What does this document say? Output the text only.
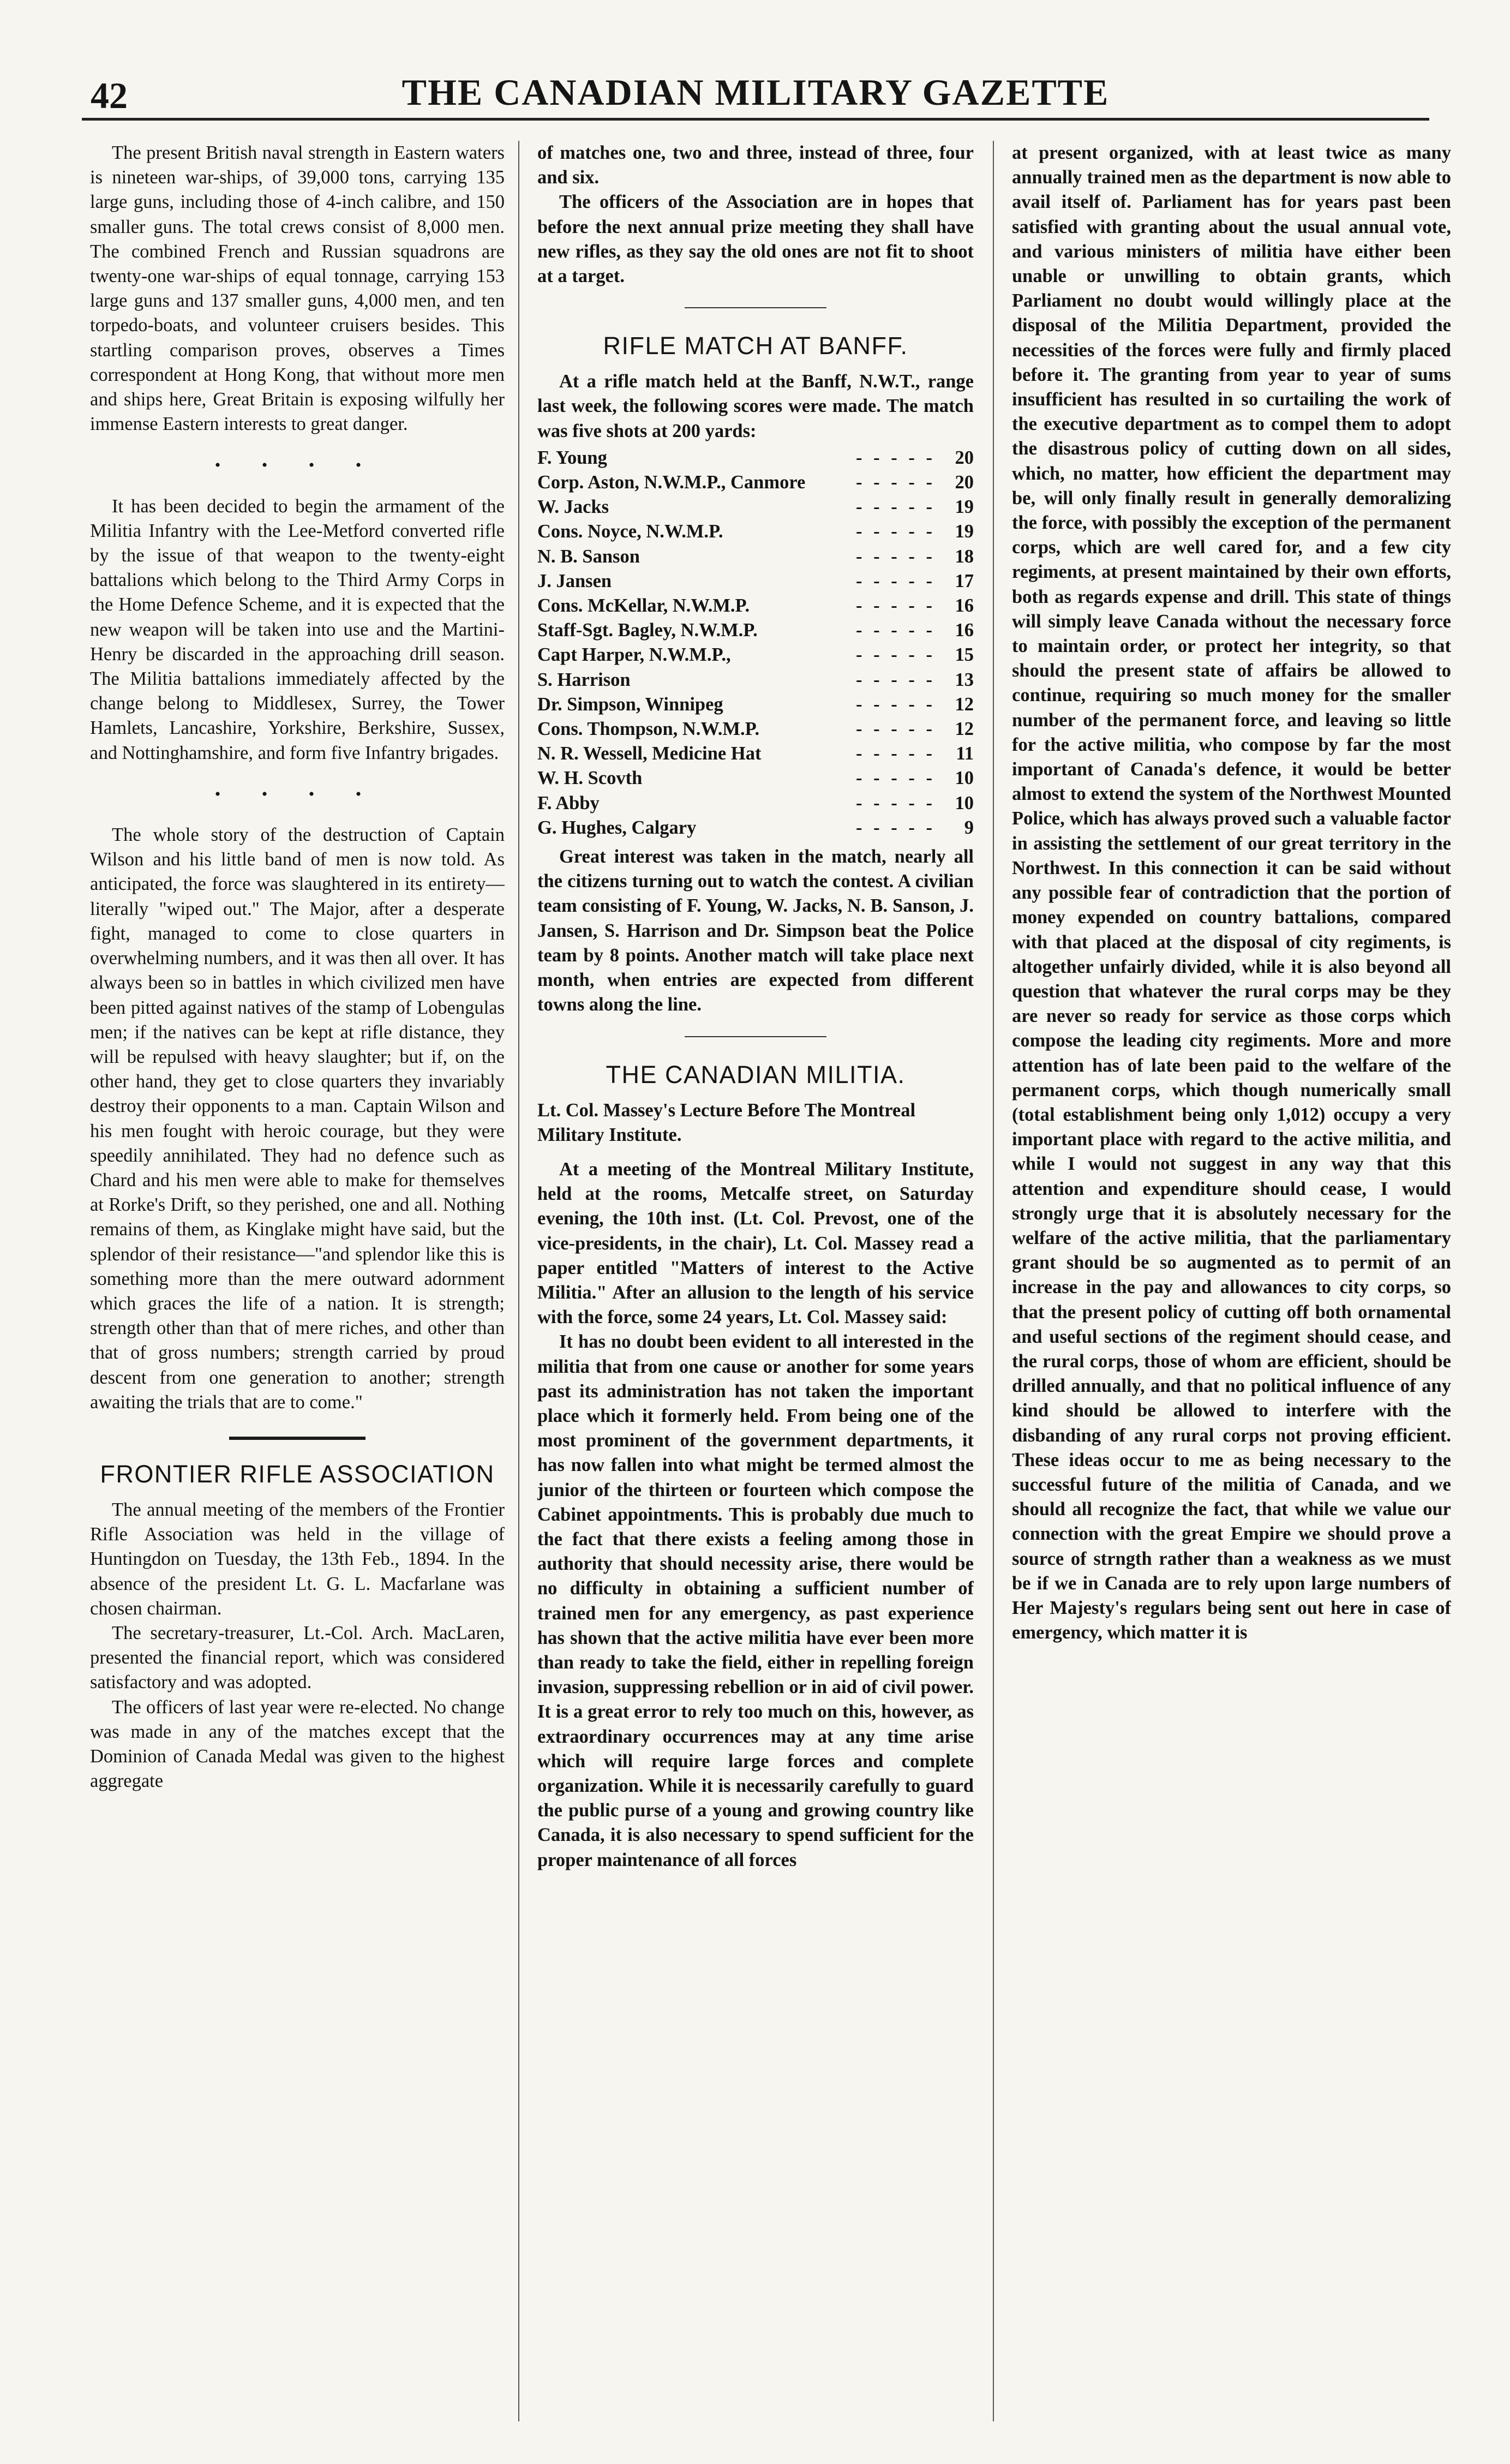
42	THE CANADIAN MILITARY GAZETTE

The present British naval strength in Eastern waters is nineteen war-ships, of 39,000 tons, carrying 135 large guns, including those of 4-inch calibre, and 150 smaller guns. The total crews consist of 8,000 men. The combined French and Russian squadrons are twenty-one war-ships of equal tonnage, carrying 153 large guns and 137 smaller guns, 4,000 men, and ten torpedo-boats, and volunteer cruisers besides. This startling comparison proves, observes a Times correspondent at Hong Kong, that without more men and ships here, Great Britain is exposing wilfully her immense Eastern interests to great danger.

• • • •

It has been decided to begin the armament of the Militia Infantry with the Lee-Metford converted rifle by the issue of that weapon to the twenty-eight battalions which belong to the Third Army Corps in the Home Defence Scheme, and it is expected that the new weapon will be taken into use and the Martini-Henry be discarded in the approaching drill season. The Militia battalions immediately affected by the change belong to Middlesex, Surrey, the Tower Hamlets, Lancashire, Yorkshire, Berkshire, Sussex, and Nottinghamshire, and form five Infantry brigades.

• • • •

The whole story of the destruction of Captain Wilson and his little band of men is now told. As anticipated, the force was slaughtered in its entirety—literally "wiped out." The Major, after a desperate fight, managed to come to close quarters in overwhelming numbers, and it was then all over. It has always been so in battles in which civilized men have been pitted against natives of the stamp of Lobengulas men; if the natives can be kept at rifle distance, they will be repulsed with heavy slaughter; but if, on the other hand, they get to close quarters they invariably destroy their opponents to a man. Captain Wilson and his men fought with heroic courage, but they were speedily annihilated. They had no defence such as Chard and his men were able to make for themselves at Rorke's Drift, so they perished, one and all. Nothing remains of them, as Kinglake might have said, but the splendor of their resistance—"and splendor like this is something more than the mere outward adornment which graces the life of a nation. It is strength; strength other than that of mere riches, and other than that of gross numbers; strength carried by proud descent from one generation to another; strength awaiting the trials that are to come."

FRONTIER RIFLE ASSOCIATION

The annual meeting of the members of the Frontier Rifle Association was held in the village of Huntingdon on Tuesday, the 13th Feb., 1894. In the absence of the president Lt. G. L. Macfarlane was chosen chairman.

The secretary-treasurer, Lt.-Col. Arch. MacLaren, presented the financial report, which was considered satisfactory and was adopted.

The officers of last year were re-elected. No change was made in any of the matches except that the Dominion of Canada Medal was given to the highest aggregate

of matches one, two and three, instead of three, four and six.

The officers of the Association are in hopes that before the next annual prize meeting they shall have new rifles, as they say the old ones are not fit to shoot at a target.

RIFLE MATCH AT BANFF.

At a rifle match held at the Banff, N.W.T., range last week, the following scores were made. The match was five shots at 200 yards:

F. Young	- - - - -	20
Corp. Aston, N.W.M.P., Canmore	- - - - -	20
W. Jacks	- - - - -	19
Cons. Noyce, N.W.M.P.	- - - - -	19
N. B. Sanson	- - - - -	18
J. Jansen	- - - - -	17
Cons. McKellar, N.W.M.P.	- - - - -	16
Staff-Sgt. Bagley, N.W.M.P.	- - - - -	16
Capt Harper, N.W.M.P.,	- - - - -	15
S. Harrison	- - - - -	13
Dr. Simpson, Winnipeg	- - - - -	12
Cons. Thompson, N.W.M.P.	- - - - -	12
N. R. Wessell, Medicine Hat	- - - - -	11
W. H. Scovth	- - - - -	10
F. Abby	- - - - -	10
G. Hughes, Calgary	- - - - -	9

Great interest was taken in the match, nearly all the citizens turning out to watch the contest. A civilian team consisting of F. Young, W. Jacks, N. B. Sanson, J. Jansen, S. Harrison and Dr. Simpson beat the Police team by 8 points. Another match will take place next month, when entries are expected from different towns along the line.

THE CANADIAN MILITIA.
Lt. Col. Massey's Lecture Before The Montreal Military Institute.

At a meeting of the Montreal Military Institute, held at the rooms, Metcalfe street, on Saturday evening, the 10th inst. (Lt. Col. Prevost, one of the vice-presidents, in the chair), Lt. Col. Massey read a paper entitled "Matters of interest to the Active Militia." After an allusion to the length of his service with the force, some 24 years, Lt. Col. Massey said:

It has no doubt been evident to all interested in the militia that from one cause or another for some years past its administration has not taken the important place which it formerly held. From being one of the most prominent of the government departments, it has now fallen into what might be termed almost the junior of the thirteen or fourteen which compose the Cabinet appointments. This is probably due much to the fact that there exists a feeling among those in authority that should necessity arise, there would be no difficulty in obtaining a sufficient number of trained men for any emergency, as past experience has shown that the active militia have ever been more than ready to take the field, either in repelling foreign invasion, suppressing rebellion or in aid of civil power. It is a great error to rely too much on this, however, as extraordinary occurrences may at any time arise which will require large forces and complete organization. While it is necessarily carefully to guard the public purse of a young and growing country like Canada, it is also necessary to spend sufficient for the proper maintenance of all forces

at present organized, with at least twice as many annually trained men as the department is now able to avail itself of. Parliament has for years past been satisfied with granting about the usual annual vote, and various ministers of militia have either been unable or unwilling to obtain grants, which Parliament no doubt would willingly place at the disposal of the Militia Department, provided the necessities of the forces were fully and firmly placed before it. The granting from year to year of sums insufficient has resulted in so curtailing the work of the executive department as to compel them to adopt the disastrous policy of cutting down on all sides, which, no matter, how efficient the department may be, will only finally result in generally demoralizing the force, with possibly the exception of the permanent corps, which are well cared for, and a few city regiments, at present maintained by their own efforts, both as regards expense and drill. This state of things will simply leave Canada without the necessary force to maintain order, or protect her integrity, so that should the present state of affairs be allowed to continue, requiring so much money for the smaller number of the permanent force, and leaving so little for the active militia, who compose by far the most important of Canada's defence, it would be better almost to extend the system of the Northwest Mounted Police, which has always proved such a valuable factor in assisting the settlement of our great territory in the Northwest. In this connection it can be said without any possible fear of contradiction that the portion of money expended on country battalions, compared with that placed at the disposal of city regiments, is altogether unfairly divided, while it is also beyond all question that whatever the rural corps may be they are never so ready for service as those corps which compose the leading city regiments. More and more attention has of late been paid to the welfare of the permanent corps, which though numerically small (total establishment being only 1,012) occupy a very important place with regard to the active militia, and while I would not suggest in any way that this attention and expenditure should cease, I would strongly urge that it is absolutely necessary for the welfare of the active militia, that the parliamentary grant should be so augmented as to permit of an increase in the pay and allowances to city corps, so that the present policy of cutting off both ornamental and useful sections of the regiment should cease, and the rural corps, those of whom are efficient, should be drilled annually, and that no political influence of any kind should be allowed to interfere with the disbanding of any rural corps not proving efficient. These ideas occur to me as being necessary to the successful future of the militia of Canada, and we should all recognize the fact, that while we value our connection with the great Empire we should prove a source of strngth rather than a weakness as we must be if we in Canada are to rely upon large numbers of Her Majesty's regulars being sent out here in case of emergency, which matter it is
